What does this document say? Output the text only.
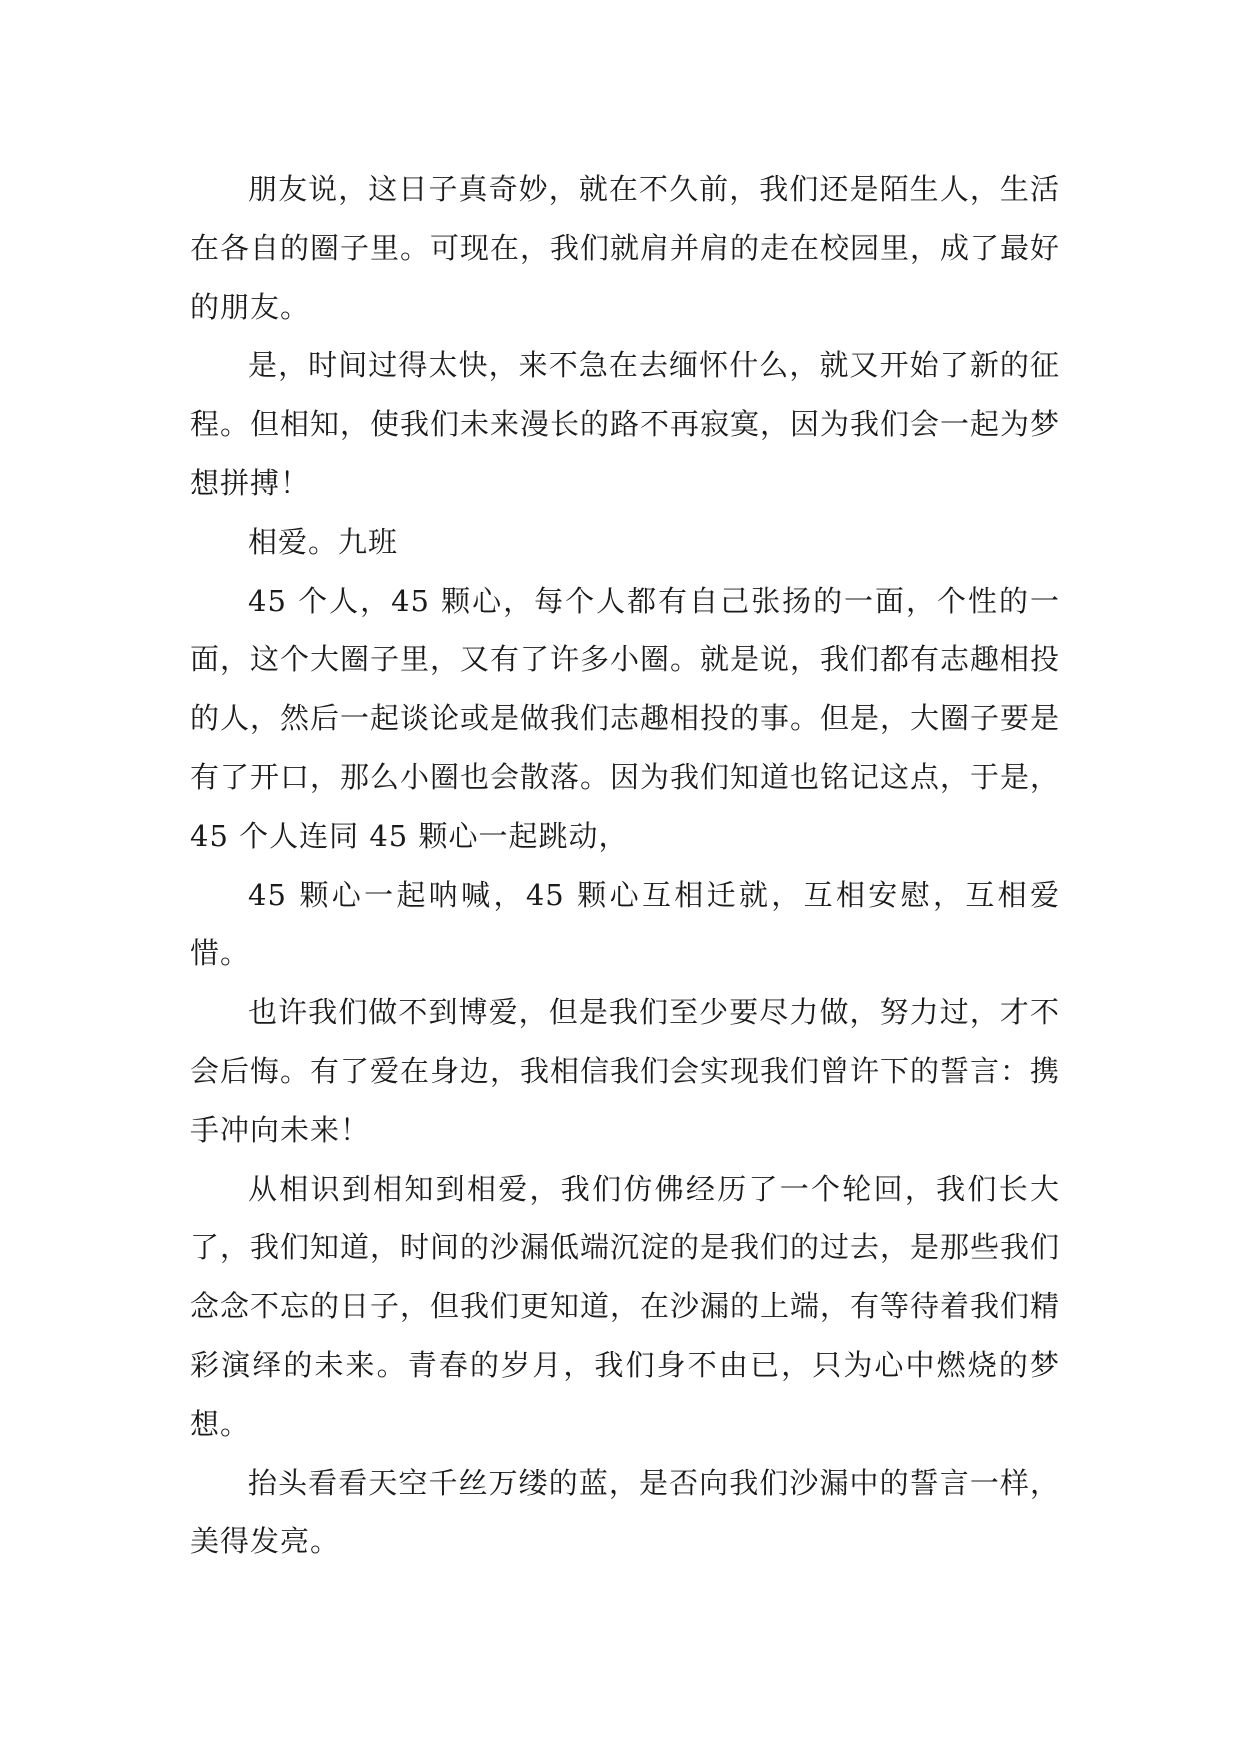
朋友说，这日子真奇妙，就在不久前，我们还是陌生人，生活在各自的圈子里。可现在，我们就肩并肩的走在校园里，成了最好的朋友。

是，时间过得太快，来不急在去缅怀什么，就又开始了新的征程。但相知，使我们未来漫长的路不再寂寞，因为我们会一起为梦想拼搏！

相爱。九班

45 个人，45 颗心，每个人都有自己张扬的一面，个性的一面，这个大圈子里，又有了许多小圈。就是说，我们都有志趣相投的人，然后一起谈论或是做我们志趣相投的事。但是，大圈子要是有了开口，那么小圈也会散落。因为我们知道也铭记这点，于是，45 个人连同 45 颗心一起跳动，

45 颗心一起呐喊，45 颗心互相迁就，互相安慰，互相爱惜。

也许我们做不到博爱，但是我们至少要尽力做，努力过，才不会后悔。有了爱在身边，我相信我们会实现我们曾许下的誓言：携手冲向未来！

从相识到相知到相爱，我们仿佛经历了一个轮回，我们长大了，我们知道，时间的沙漏低端沉淀的是我们的过去，是那些我们念念不忘的日子，但我们更知道，在沙漏的上端，有等待着我们精彩演绎的未来。青春的岁月，我们身不由已，只为心中燃烧的梦想。

抬头看看天空千丝万缕的蓝，是否向我们沙漏中的誓言一样，美得发亮。
